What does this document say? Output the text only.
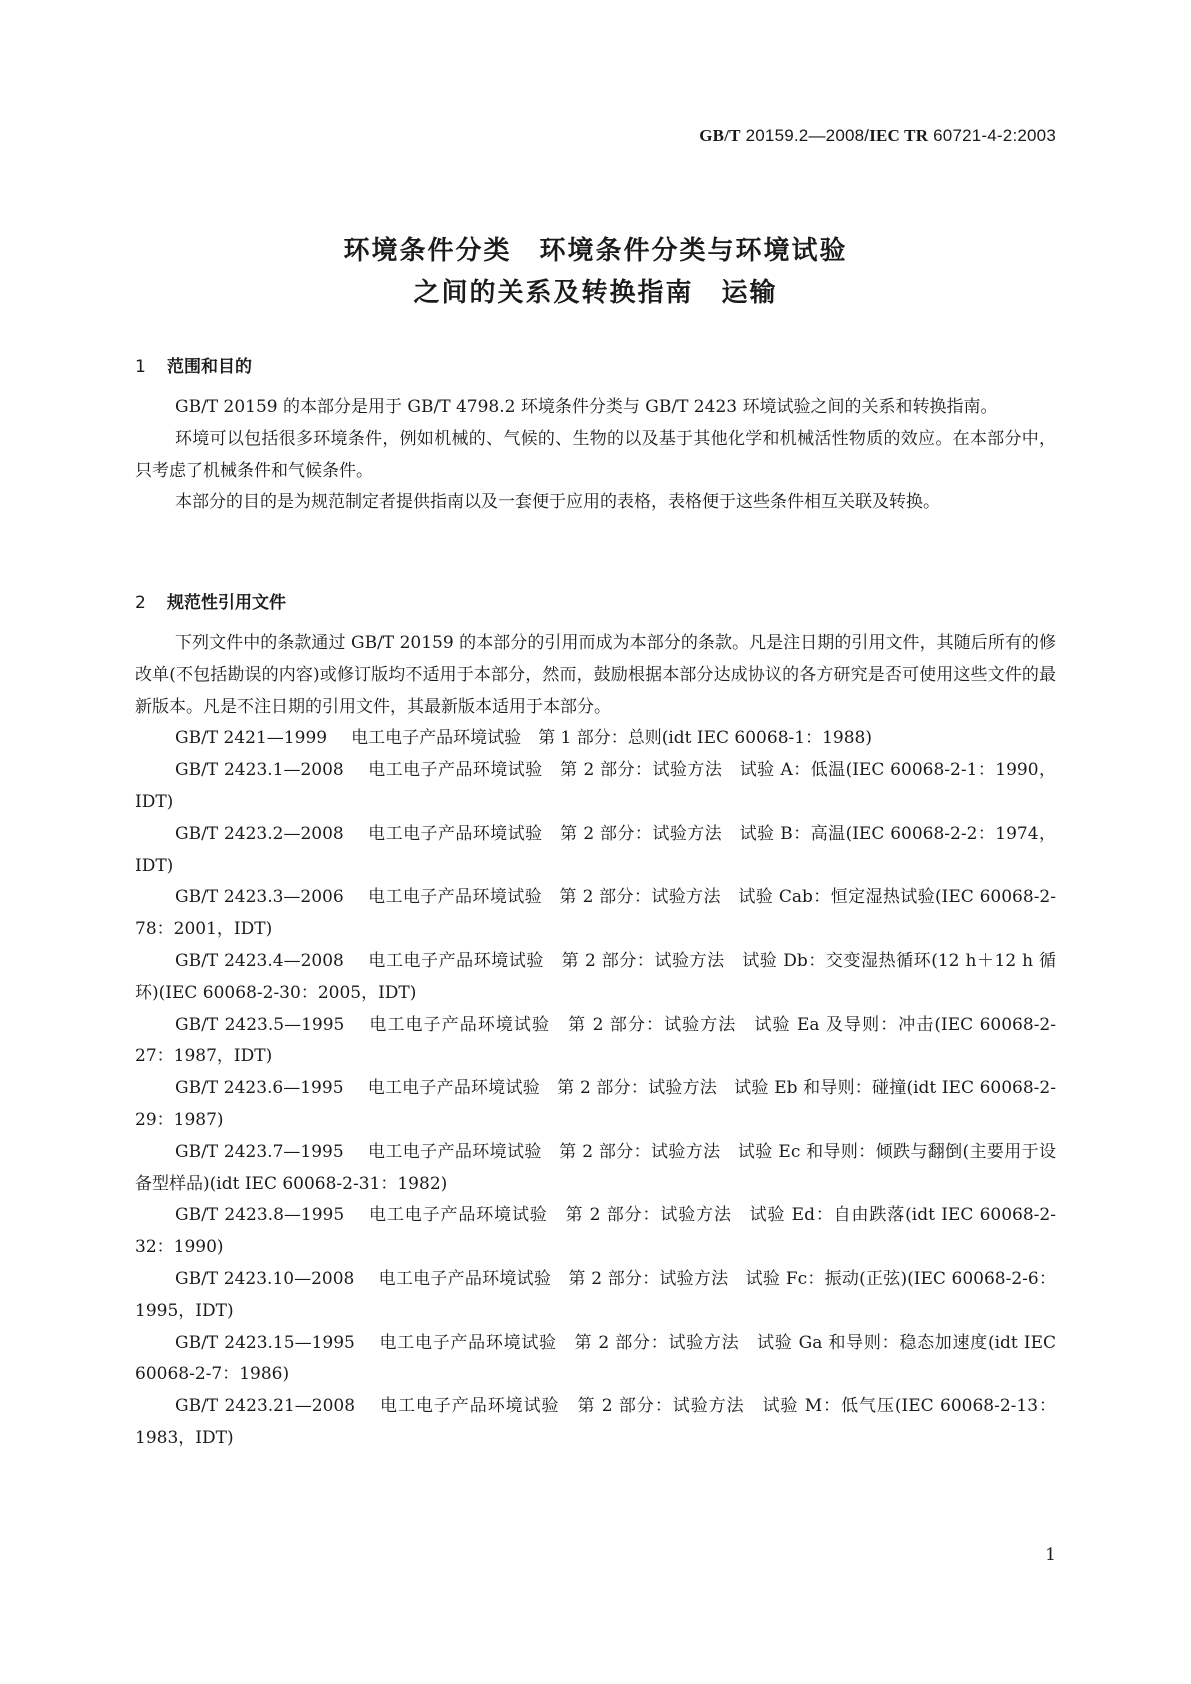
GB/T 20159.2—2008/IEC TR 60721-4-2:2003
环境条件分类　环境条件分类与环境试验
之间的关系及转换指南　运输
1 范围和目的

GB/T 20159 的本部分是用于 GB/T 4798.2 环境条件分类与 GB/T 2423 环境试验之间的关系和转换指南。

环境可以包括很多环境条件，例如机械的、气候的、生物的以及基于其他化学和机械活性物质的效应。在本部分中，只考虑了机械条件和气候条件。

本部分的目的是为规范制定者提供指南以及一套便于应用的表格，表格便于这些条件相互关联及转换。

2 规范性引用文件

下列文件中的条款通过 GB/T 20159 的本部分的引用而成为本部分的条款。凡是注日期的引用文件，其随后所有的修改单(不包括勘误的内容)或修订版均不适用于本部分，然而，鼓励根据本部分达成协议的各方研究是否可使用这些文件的最新版本。凡是不注日期的引用文件，其最新版本适用于本部分。

GB/T 2421—1999 电工电子产品环境试验　第 1 部分：总则(idt IEC 60068-1：1988)
GB/T 2423.1—2008 电工电子产品环境试验　第 2 部分：试验方法　试验 A：低温(IEC 60068-2-1：1990，IDT)
GB/T 2423.2—2008 电工电子产品环境试验　第 2 部分：试验方法　试验 B：高温(IEC 60068-2-2：1974，IDT)
GB/T 2423.3—2006 电工电子产品环境试验　第 2 部分：试验方法　试验 Cab：恒定湿热试验(IEC 60068-2-78：2001，IDT)
GB/T 2423.4—2008 电工电子产品环境试验　第 2 部分：试验方法　试验 Db：交变湿热循环(12 h＋12 h 循环)(IEC 60068-2-30：2005，IDT)
GB/T 2423.5—1995 电工电子产品环境试验　第 2 部分：试验方法　试验 Ea 及导则：冲击(IEC 60068-2-27：1987，IDT)
GB/T 2423.6—1995 电工电子产品环境试验　第 2 部分：试验方法　试验 Eb 和导则：碰撞(idt IEC 60068-2-29：1987)
GB/T 2423.7—1995 电工电子产品环境试验　第 2 部分：试验方法　试验 Ec 和导则：倾跌与翻倒(主要用于设备型样品)(idt IEC 60068-2-31：1982)
GB/T 2423.8—1995 电工电子产品环境试验　第 2 部分：试验方法　试验 Ed：自由跌落(idt IEC 60068-2-32：1990)
GB/T 2423.10—2008 电工电子产品环境试验　第 2 部分：试验方法　试验 Fc：振动(正弦)(IEC 60068-2-6：1995，IDT)
GB/T 2423.15—1995 电工电子产品环境试验　第 2 部分：试验方法　试验 Ga 和导则：稳态加速度(idt IEC 60068-2-7：1986)
GB/T 2423.21—2008 电工电子产品环境试验　第 2 部分：试验方法　试验 M：低气压(IEC 60068-2-13：1983，IDT)
1
